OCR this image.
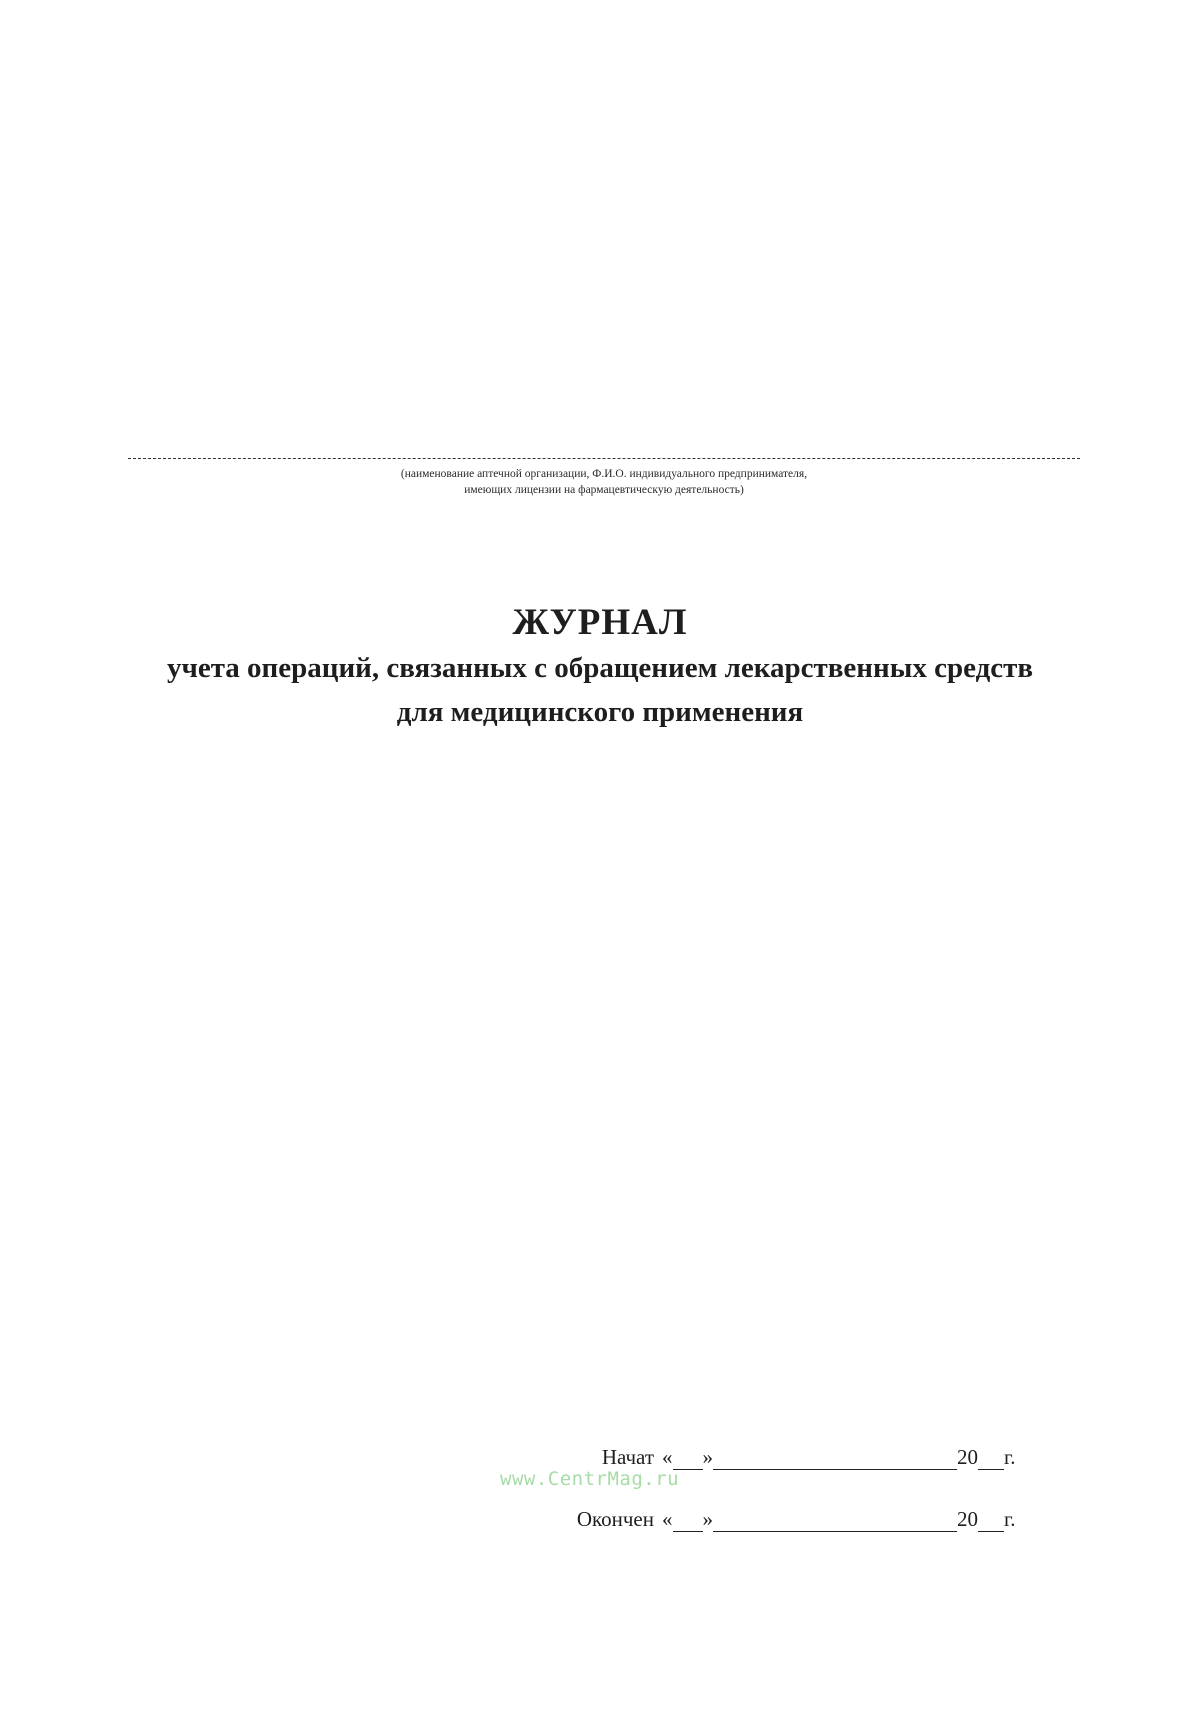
(наименование аптечной организации, Ф.И.О. индивидуального предпринимателя,
имеющих лицензии на фармацевтическую деятельность)
ЖУРНАЛ
учета операций, связанных с обращением лекарственных средств
для медицинского применения
Начат « »	20 г.
Окончен « »	20 г.
www.CentrMag.ru
